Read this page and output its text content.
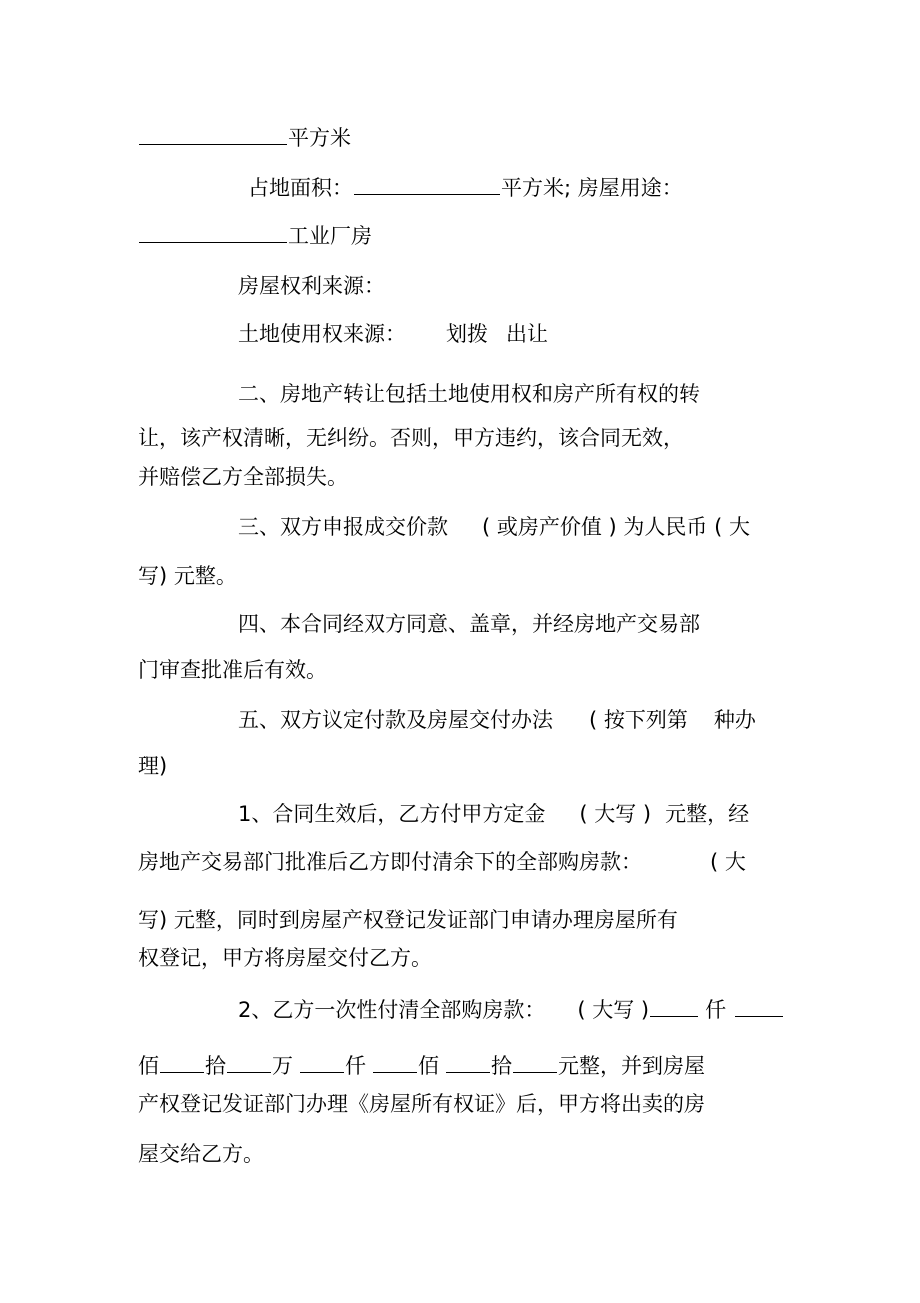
平方米
占地面积：	平方米; 房屋用途：
工业厂房
房屋权利来源：
土地使用权来源： 划拨 出让
二、房地产转让包括土地使用权和房产所有权的转
让，该产权清晰，无纠纷。否则，甲方违约，该合同无效，
并赔偿乙方全部损失。
三、双方申报成交价款 ( 或房产价值 ) 为人民币 ( 大
写) 元整。
四、本合同经双方同意、盖章，并经房地产交易部
门审查批准后有效。
五、双方议定付款及房屋交付办法 ( 按下列第 种办
理)
1、合同生效后，乙方付甲方定金 ( 大写 ) 元整，经
房地产交易部门批准后乙方即付清余下的全部购房款：	( 大
写) 元整，同时到房屋产权登记发证部门申请办理房屋所有
权登记，甲方将房屋交付乙方。
2、乙方一次性付清全部购房款： ( 大写 )	仟
佰 拾 万 仟 佰 拾 元整，并到房屋
产权登记发证部门办理《房屋所有权证》后，甲方将出卖的房
屋交给乙方。
